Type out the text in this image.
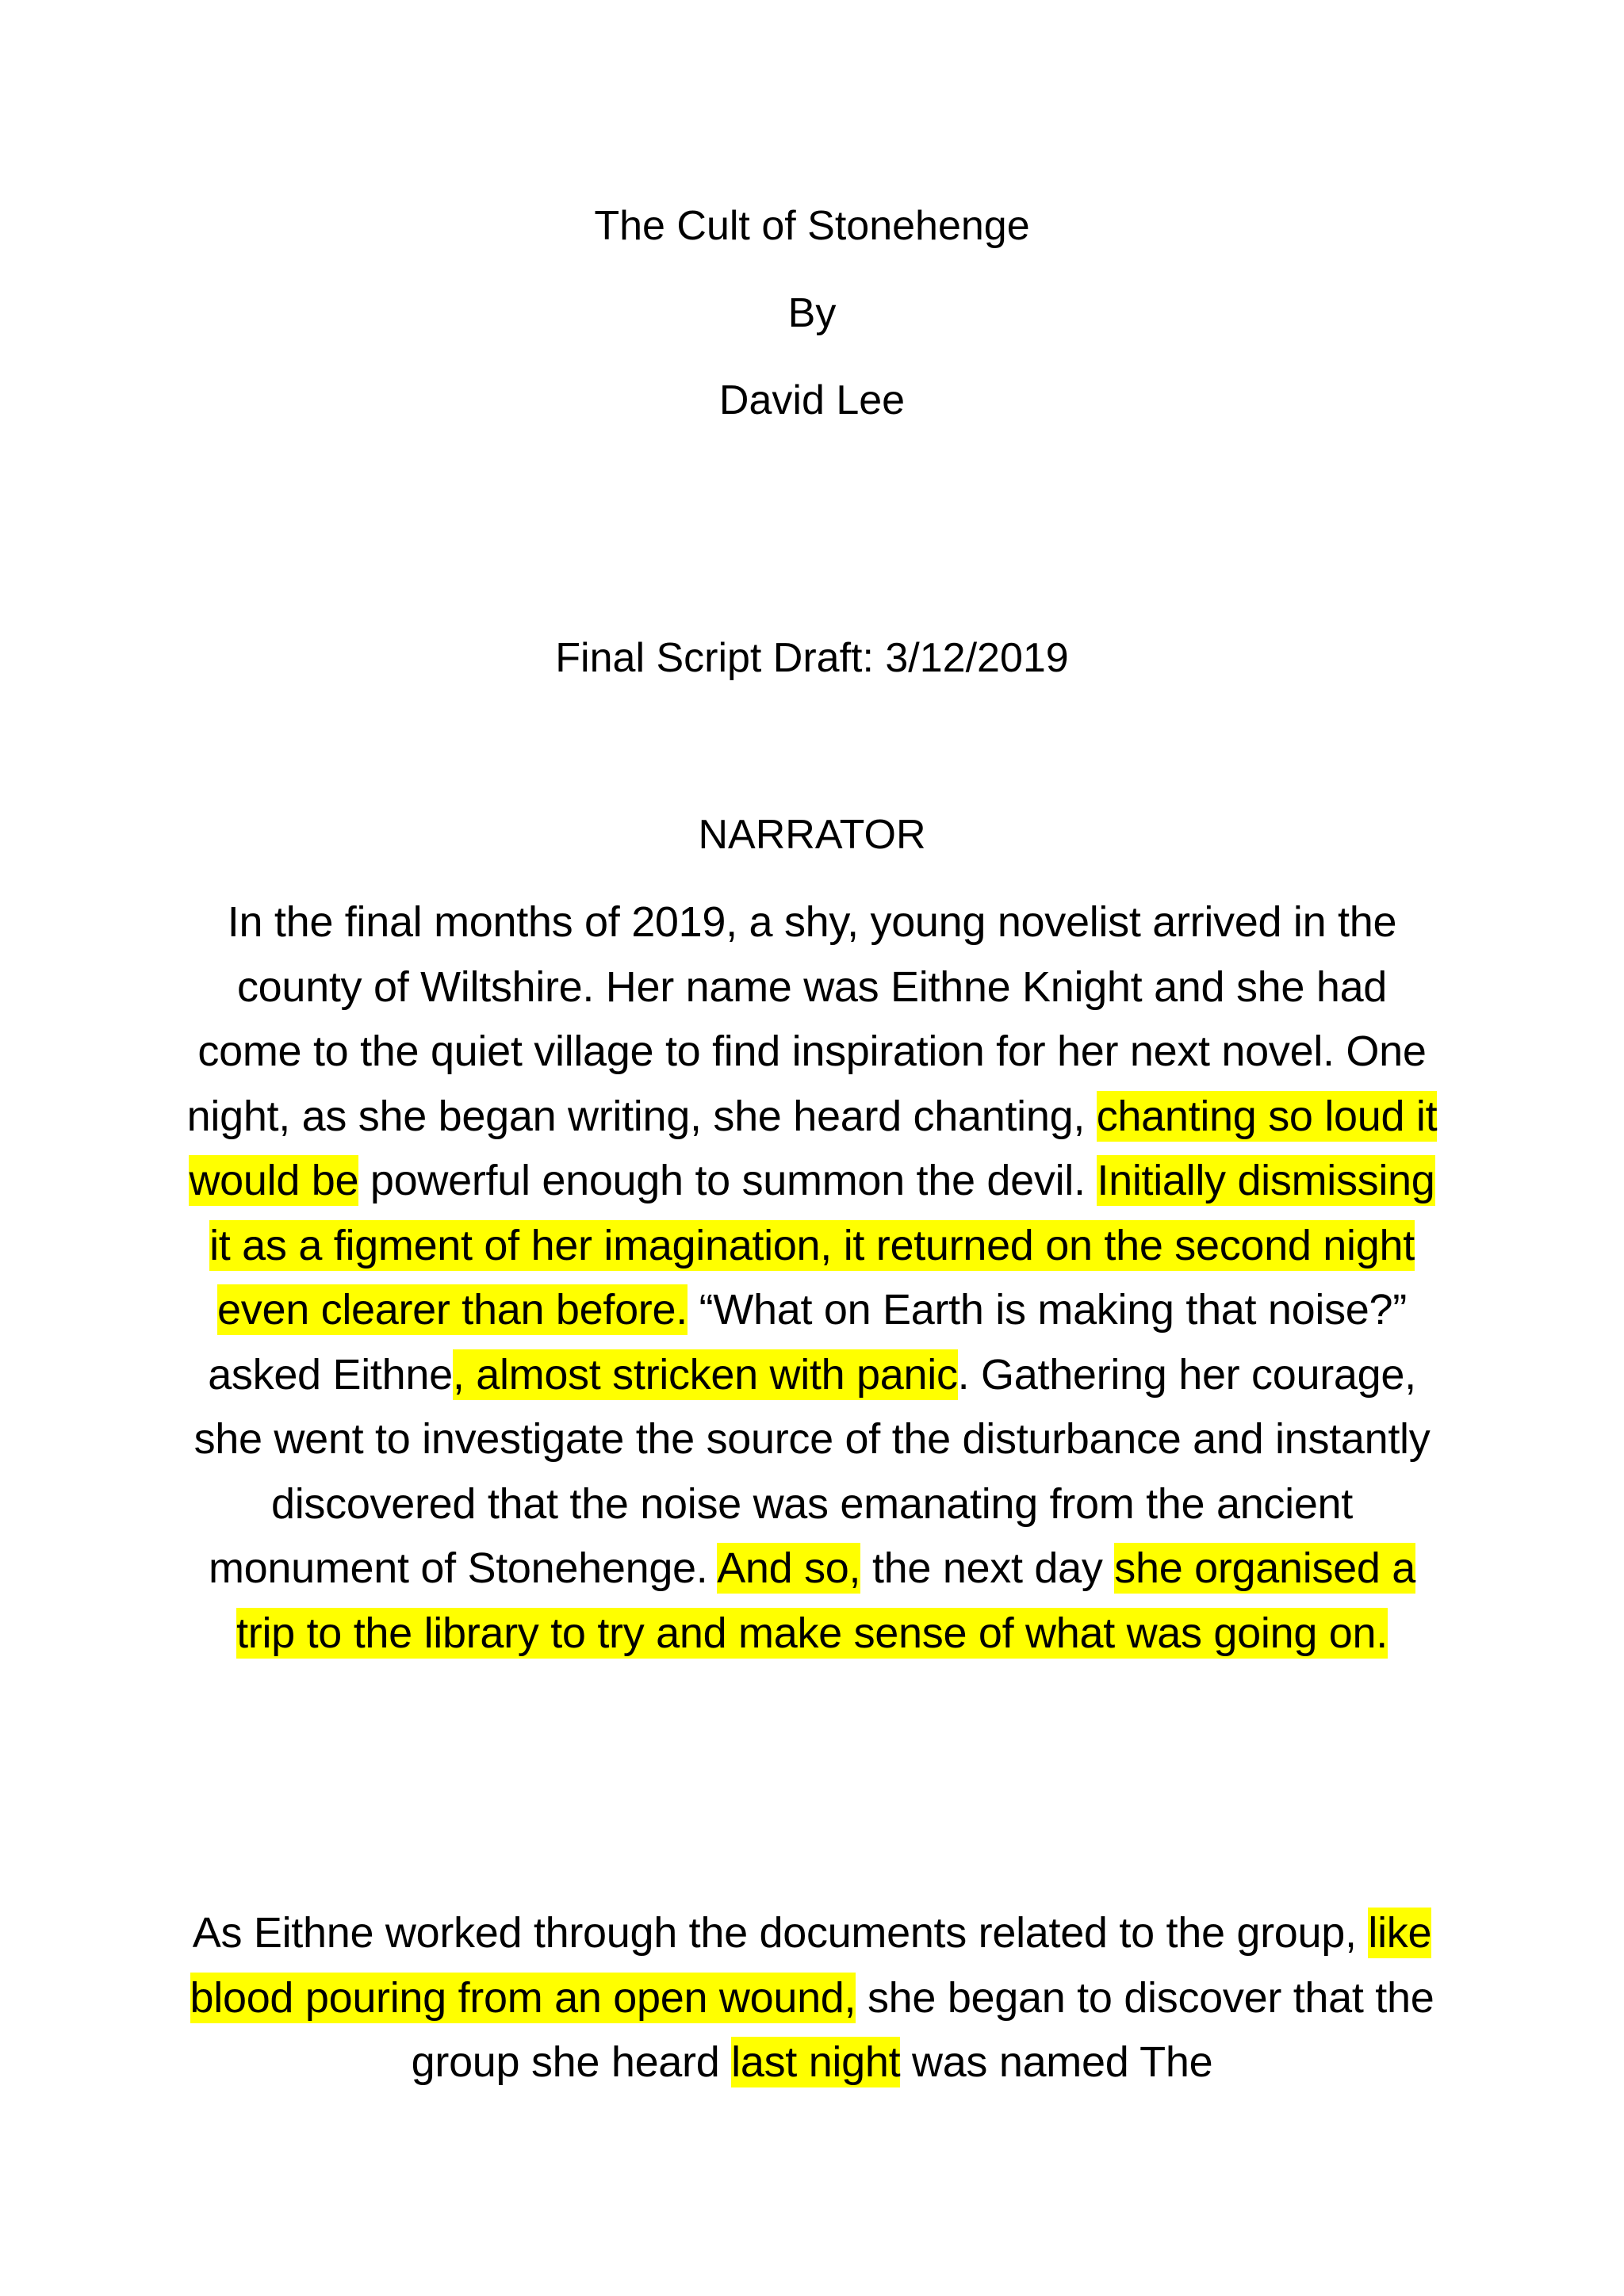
The Cult of Stonehenge
By
David Lee
Final Script Draft: 3/12/2019
NARRATOR
In the final months of 2019, a shy, young novelist arrived in the county of Wiltshire. Her name was Eithne Knight and she had come to the quiet village to find inspiration for her next novel. One night, as she began writing, she heard chanting, chanting so loud it would be powerful enough to summon the devil. Initially dismissing it as a figment of her imagination, it returned on the second night even clearer than before. “What on Earth is making that noise?” asked Eithne, almost stricken with panic. Gathering her courage, she went to investigate the source of the disturbance and instantly discovered that the noise was emanating from the ancient monument of Stonehenge. And so, the next day she organised a trip to the library to try and make sense of what was going on.
As Eithne worked through the documents related to the group, like blood pouring from an open wound, she began to discover that the group she heard last night was named The
